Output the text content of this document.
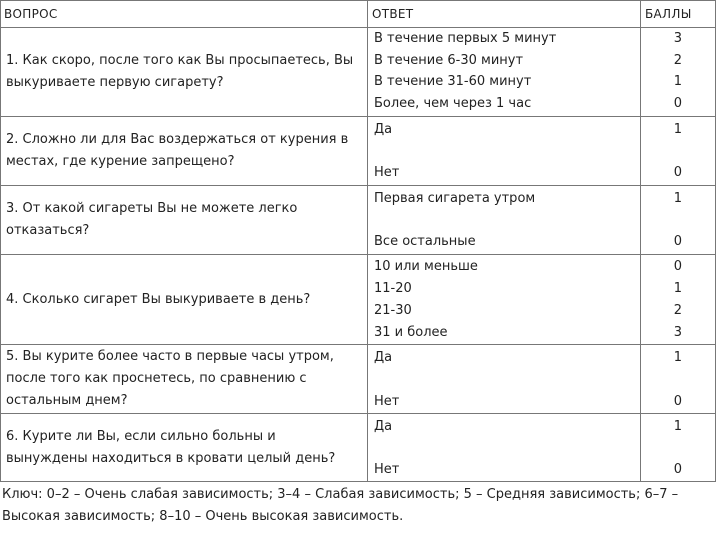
ВОПРОС	ОТВЕТ	БАЛЛЫ
1. Как скоро, после того как Вы просыпаетесь, Вы выкуриваете первую сигарету?
В течение первых 5 минут	3
В течение 6-30 минут	2
В течение 31-60 минут	1
Более, чем через 1 час	0
2. Сложно ли для Вас воздержаться от курения в местах, где курение запрещено?
Да	1
Нет	0
3. От какой сигареты Вы не можете легко отказаться?
Первая сигарета утром	1
Все остальные	0
4. Сколько сигарет Вы выкуриваете в день?
10 или меньше	0
11-20	1
21-30	2
31 и более	3
5. Вы курите более часто в первые часы утром, после того как проснетесь, по сравнению с остальным днем?
Да	1
Нет	0
6. Курите ли Вы, если сильно больны и вынуждены находиться в кровати целый день?
Да	1
Нет	0
Ключ: 0–2 – Очень слабая зависимость; 3–4 – Слабая зависимость; 5 – Средняя зависимость; 6–7 – Высокая зависимость; 8–10 – Очень высокая зависимость.
